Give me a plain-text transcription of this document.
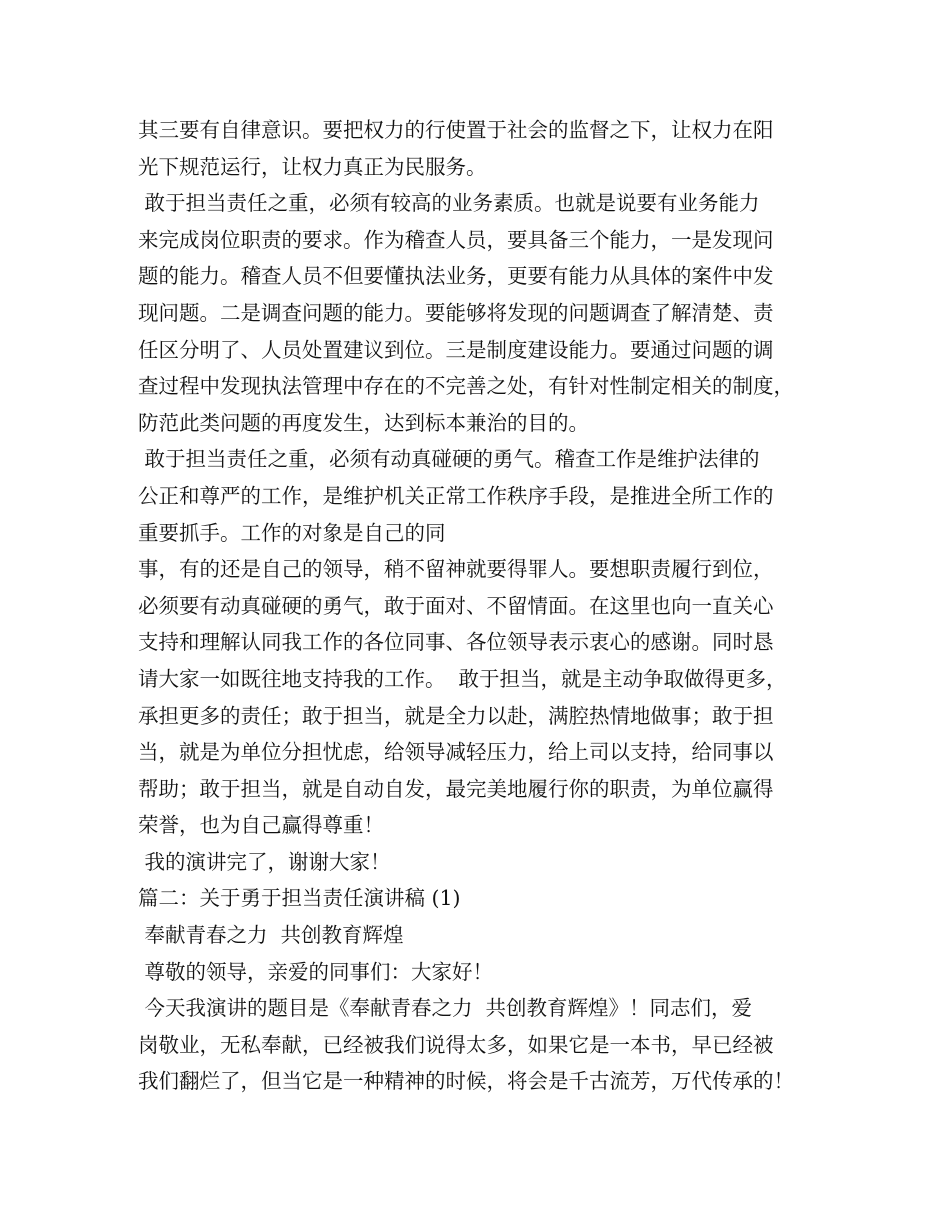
其三要有自律意识。要把权力的行使置于社会的监督之下，让权力在阳
光下规范运行，让权力真正为民服务。
敢于担当责任之重，必须有较高的业务素质。也就是说要有业务能力
来完成岗位职责的要求。作为稽查人员，要具备三个能力，一是发现问
题的能力。稽查人员不但要懂执法业务，更要有能力从具体的案件中发
现问题。二是调查问题的能力。要能够将发现的问题调查了解清楚、责
任区分明了、人员处置建议到位。三是制度建设能力。要通过问题的调
查过程中发现执法管理中存在的不完善之处，有针对性制定相关的制度，
防范此类问题的再度发生，达到标本兼治的目的。
敢于担当责任之重，必须有动真碰硬的勇气。稽查工作是维护法律的
公正和尊严的工作，是维护机关正常工作秩序手段，是推进全所工作的
重要抓手。工作的对象是自己的同
事，有的还是自己的领导，稍不留神就要得罪人。要想职责履行到位，
必须要有动真碰硬的勇气，敢于面对、不留情面。在这里也向一直关心
支持和理解认同我工作的各位同事、各位领导表示衷心的感谢。同时恳
请大家一如既往地支持我的工作。  敢于担当，就是主动争取做得更多，
承担更多的责任；敢于担当，就是全力以赴，满腔热情地做事；敢于担
当，就是为单位分担忧虑，给领导减轻压力，给上司以支持，给同事以
帮助；敢于担当，就是自动自发，最完美地履行你的职责，为单位赢得
荣誉，也为自己赢得尊重！
我的演讲完了，谢谢大家！
篇二：关于勇于担当责任演讲稿 (1)
奉献青春之力  共创教育辉煌
尊敬的领导，亲爱的同事们：大家好！
今天我演讲的题目是《奉献青春之力  共创教育辉煌》！同志们，爱
岗敬业，无私奉献，已经被我们说得太多，如果它是一本书，早已经被
我们翻烂了，但当它是一种精神的时候，将会是千古流芳，万代传承的！
